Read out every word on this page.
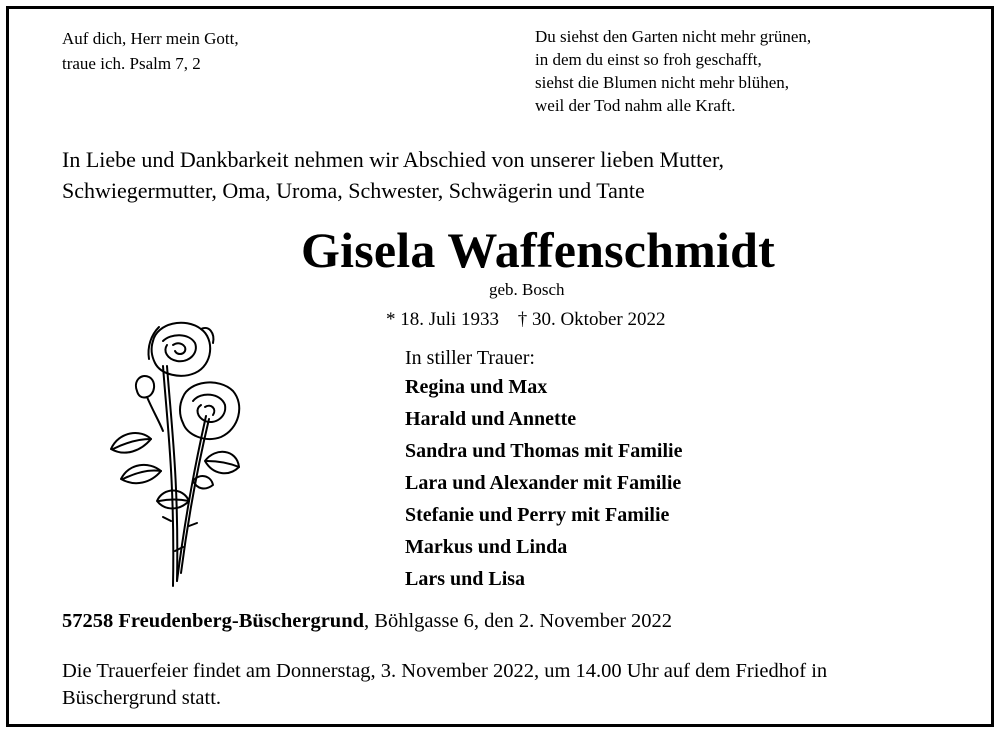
Auf dich, Herr mein Gott,
traue ich. Psalm 7, 2
Du siehst den Garten nicht mehr grünen,
in dem du einst so froh geschafft,
siehst die Blumen nicht mehr blühen,
weil der Tod nahm alle Kraft.
In Liebe und Dankbarkeit nehmen wir Abschied von unserer lieben Mutter,
Schwiegermutter, Oma, Uroma, Schwester, Schwägerin und Tante
Gisela Waffenschmidt
geb. Bosch
* 18. Juli 1933 † 30. Oktober 2022
In stiller Trauer:
Regina und Max
Harald und Annette
Sandra und Thomas mit Familie
Lara und Alexander mit Familie
Stefanie und Perry mit Familie
Markus und Linda
Lars und Lisa
57258 Freudenberg-Büschergrund, Böhlgasse 6, den 2. November 2022
Die Trauerfeier findet am Donnerstag, 3. November 2022, um 14.00 Uhr auf dem Friedhof in
Büschergrund statt.
